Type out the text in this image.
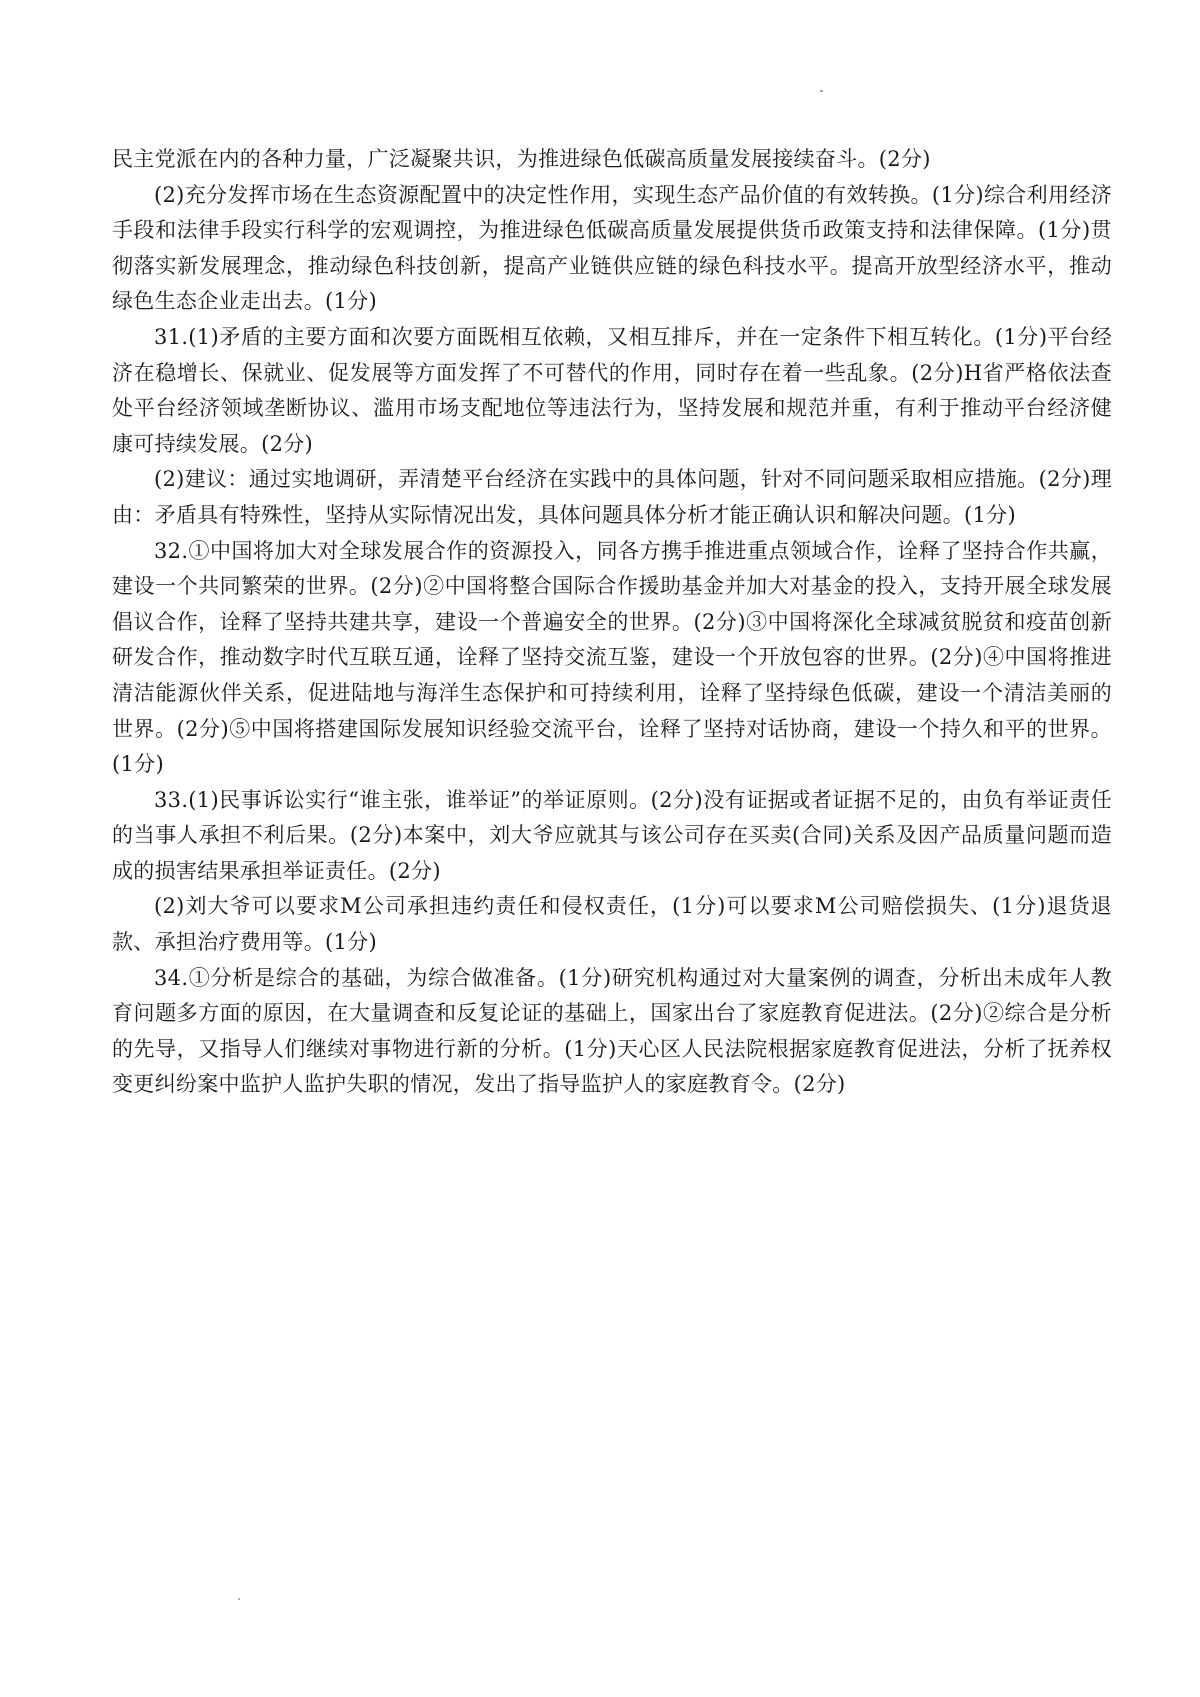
民主党派在内的各种力量，广泛凝聚共识，为推进绿色低碳高质量发展接续奋斗。(2分)

(2)充分发挥市场在生态资源配置中的决定性作用，实现生态产品价值的有效转换。(1分)综合利用经济手段和法律手段实行科学的宏观调控，为推进绿色低碳高质量发展提供货币政策支持和法律保障。(1分)贯彻落实新发展理念，推动绿色科技创新，提高产业链供应链的绿色科技水平。提高开放型经济水平，推动绿色生态企业走出去。(1分)

31.(1)矛盾的主要方面和次要方面既相互依赖，又相互排斥，并在一定条件下相互转化。(1分)平台经济在稳增长、保就业、促发展等方面发挥了不可替代的作用，同时存在着一些乱象。(2分)H省严格依法查处平台经济领域垄断协议、滥用市场支配地位等违法行为，坚持发展和规范并重，有利于推动平台经济健康可持续发展。(2分)

(2)建议：通过实地调研，弄清楚平台经济在实践中的具体问题，针对不同问题采取相应措施。(2分)理由：矛盾具有特殊性，坚持从实际情况出发，具体问题具体分析才能正确认识和解决问题。(1分)

32.①中国将加大对全球发展合作的资源投入，同各方携手推进重点领域合作，诠释了坚持合作共赢，建设一个共同繁荣的世界。(2分)②中国将整合国际合作援助基金并加大对基金的投入，支持开展全球发展倡议合作，诠释了坚持共建共享，建设一个普遍安全的世界。(2分)③中国将深化全球减贫脱贫和疫苗创新研发合作，推动数字时代互联互通，诠释了坚持交流互鉴，建设一个开放包容的世界。(2分)④中国将推进清洁能源伙伴关系，促进陆地与海洋生态保护和可持续利用，诠释了坚持绿色低碳，建设一个清洁美丽的世界。(2分)⑤中国将搭建国际发展知识经验交流平台，诠释了坚持对话协商，建设一个持久和平的世界。(1分)

33.(1)民事诉讼实行“谁主张，谁举证”的举证原则。(2分)没有证据或者证据不足的，由负有举证责任的当事人承担不利后果。(2分)本案中，刘大爷应就其与该公司存在买卖(合同)关系及因产品质量问题而造成的损害结果承担举证责任。(2分)

(2)刘大爷可以要求M公司承担违约责任和侵权责任，(1分)可以要求M公司赔偿损失、(1分)退货退款、承担治疗费用等。(1分)

34.①分析是综合的基础，为综合做准备。(1分)研究机构通过对大量案例的调查，分析出未成年人教育问题多方面的原因，在大量调查和反复论证的基础上，国家出台了家庭教育促进法。(2分)②综合是分析的先导，又指导人们继续对事物进行新的分析。(1分)天心区人民法院根据家庭教育促进法，分析了抚养权变更纠纷案中监护人监护失职的情况，发出了指导监护人的家庭教育令。(2分)
